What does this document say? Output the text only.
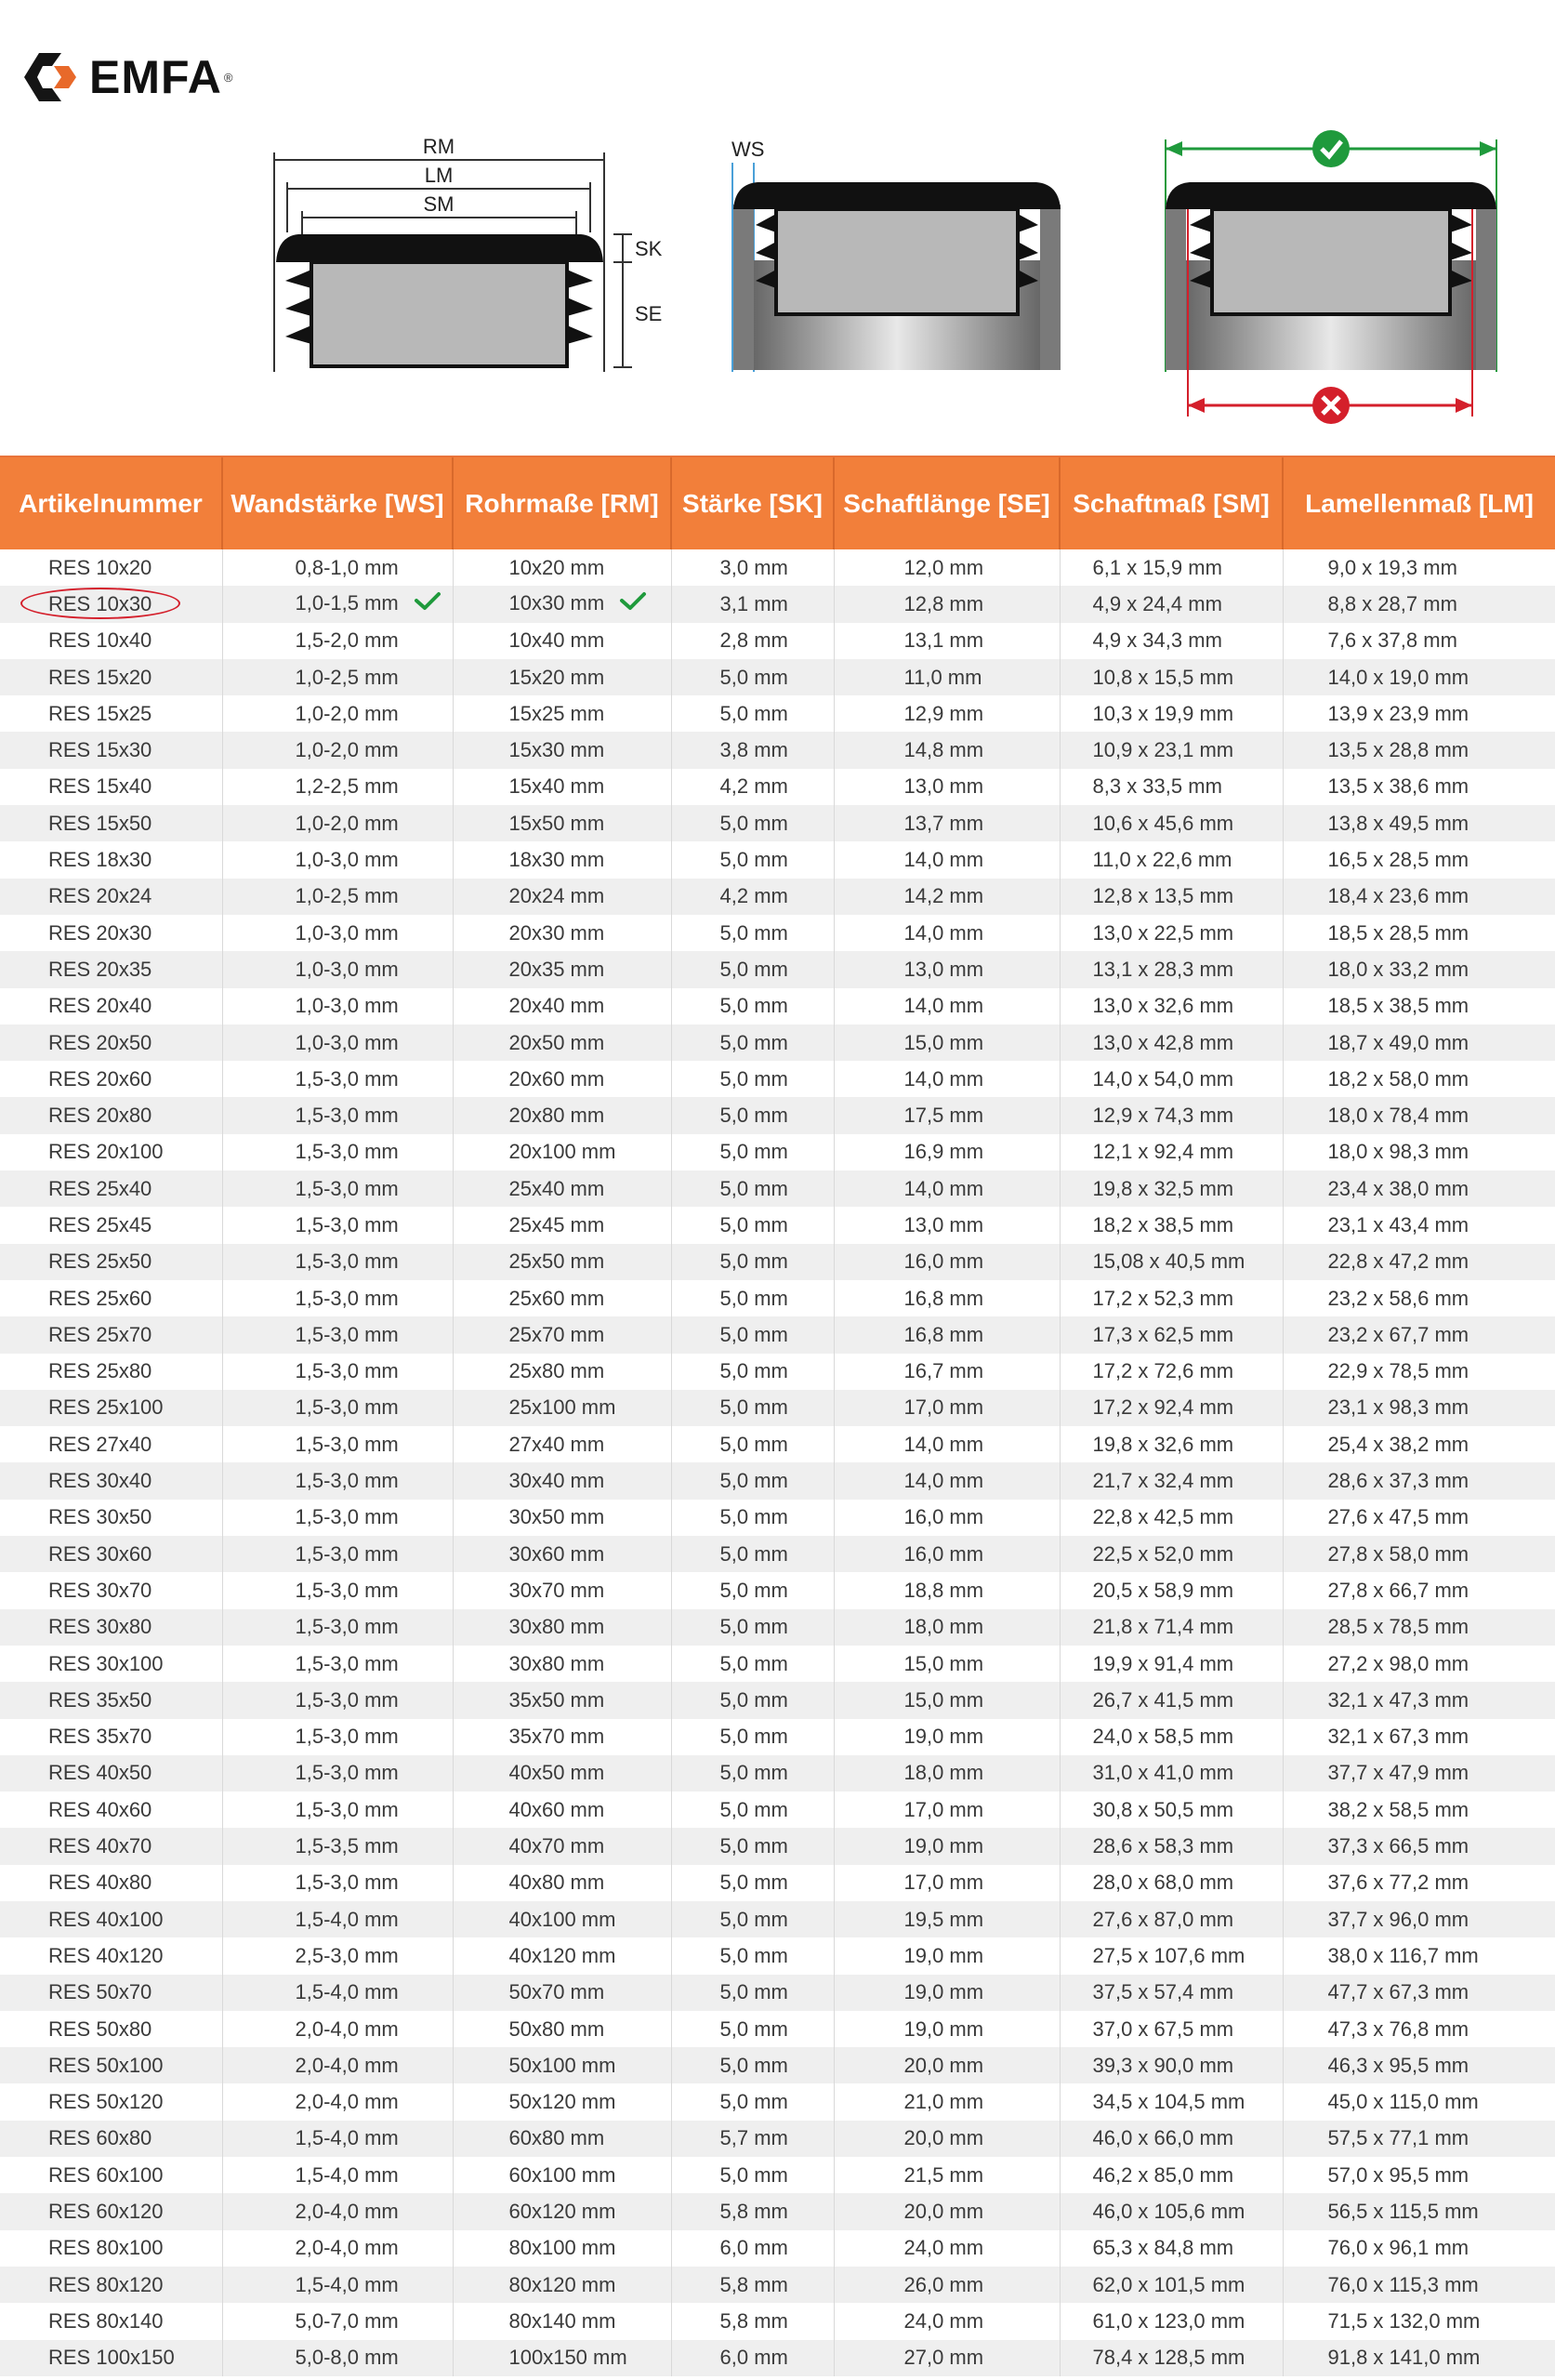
EMFA ®
RM
LM
SM
SK
SE
WS
Artikelnummer	Wandstärke [WS]	Rohrmaße [RM]	Stärke [SK]	Schaftlänge [SE]	Schaftmaß [SM]	Lamellenmaß [LM]
RES 10x20	0,8-1,0 mm	10x20 mm	3,0 mm	12,0 mm	6,1 x 15,9 mm	9,0 x 19,3 mm
RES 10x30	1,0-1,5 mm	10x30 mm	3,1 mm	12,8 mm	4,9 x 24,4 mm	8,8 x 28,7 mm
RES 10x40	1,5-2,0 mm	10x40 mm	2,8 mm	13,1 mm	4,9 x 34,3 mm	7,6 x 37,8 mm
RES 15x20	1,0-2,5 mm	15x20 mm	5,0 mm	11,0 mm	10,8 x 15,5 mm	14,0 x 19,0 mm
RES 15x25	1,0-2,0 mm	15x25 mm	5,0 mm	12,9 mm	10,3 x 19,9 mm	13,9 x 23,9 mm
RES 15x30	1,0-2,0 mm	15x30 mm	3,8 mm	14,8 mm	10,9 x 23,1 mm	13,5 x 28,8 mm
RES 15x40	1,2-2,5 mm	15x40 mm	4,2 mm	13,0 mm	8,3 x 33,5 mm	13,5 x 38,6 mm
RES 15x50	1,0-2,0 mm	15x50 mm	5,0 mm	13,7 mm	10,6 x 45,6 mm	13,8 x 49,5 mm
RES 18x30	1,0-3,0 mm	18x30 mm	5,0 mm	14,0 mm	11,0 x 22,6 mm	16,5 x 28,5 mm
RES 20x24	1,0-2,5 mm	20x24 mm	4,2 mm	14,2 mm	12,8 x 13,5 mm	18,4 x 23,6 mm
RES 20x30	1,0-3,0 mm	20x30 mm	5,0 mm	14,0 mm	13,0 x 22,5 mm	18,5 x 28,5 mm
RES 20x35	1,0-3,0 mm	20x35 mm	5,0 mm	13,0 mm	13,1 x 28,3 mm	18,0 x 33,2 mm
RES 20x40	1,0-3,0 mm	20x40 mm	5,0 mm	14,0 mm	13,0 x 32,6 mm	18,5 x 38,5 mm
RES 20x50	1,0-3,0 mm	20x50 mm	5,0 mm	15,0 mm	13,0 x 42,8 mm	18,7 x 49,0 mm
RES 20x60	1,5-3,0 mm	20x60 mm	5,0 mm	14,0 mm	14,0 x 54,0 mm	18,2 x 58,0 mm
RES 20x80	1,5-3,0 mm	20x80 mm	5,0 mm	17,5 mm	12,9 x 74,3 mm	18,0 x 78,4 mm
RES 20x100	1,5-3,0 mm	20x100 mm	5,0 mm	16,9 mm	12,1 x 92,4 mm	18,0 x 98,3 mm
RES 25x40	1,5-3,0 mm	25x40 mm	5,0 mm	14,0 mm	19,8 x 32,5 mm	23,4 x 38,0 mm
RES 25x45	1,5-3,0 mm	25x45 mm	5,0 mm	13,0 mm	18,2 x 38,5 mm	23,1 x 43,4 mm
RES 25x50	1,5-3,0 mm	25x50 mm	5,0 mm	16,0 mm	15,08 x 40,5 mm	22,8 x 47,2 mm
RES 25x60	1,5-3,0 mm	25x60 mm	5,0 mm	16,8 mm	17,2 x 52,3 mm	23,2 x 58,6 mm
RES 25x70	1,5-3,0 mm	25x70 mm	5,0 mm	16,8 mm	17,3 x 62,5 mm	23,2 x 67,7 mm
RES 25x80	1,5-3,0 mm	25x80 mm	5,0 mm	16,7 mm	17,2 x 72,6 mm	22,9 x 78,5 mm
RES 25x100	1,5-3,0 mm	25x100 mm	5,0 mm	17,0 mm	17,2 x 92,4 mm	23,1 x 98,3 mm
RES 27x40	1,5-3,0 mm	27x40 mm	5,0 mm	14,0 mm	19,8 x 32,6 mm	25,4 x 38,2 mm
RES 30x40	1,5-3,0 mm	30x40 mm	5,0 mm	14,0 mm	21,7 x 32,4 mm	28,6 x 37,3 mm
RES 30x50	1,5-3,0 mm	30x50 mm	5,0 mm	16,0 mm	22,8 x 42,5 mm	27,6 x 47,5 mm
RES 30x60	1,5-3,0 mm	30x60 mm	5,0 mm	16,0 mm	22,5 x 52,0 mm	27,8 x 58,0 mm
RES 30x70	1,5-3,0 mm	30x70 mm	5,0 mm	18,8 mm	20,5 x 58,9 mm	27,8 x 66,7 mm
RES 30x80	1,5-3,0 mm	30x80 mm	5,0 mm	18,0 mm	21,8 x 71,4 mm	28,5 x 78,5 mm
RES 30x100	1,5-3,0 mm	30x80 mm	5,0 mm	15,0 mm	19,9 x 91,4 mm	27,2 x 98,0 mm
RES 35x50	1,5-3,0 mm	35x50 mm	5,0 mm	15,0 mm	26,7 x 41,5 mm	32,1 x 47,3 mm
RES 35x70	1,5-3,0 mm	35x70 mm	5,0 mm	19,0 mm	24,0 x 58,5 mm	32,1 x 67,3 mm
RES 40x50	1,5-3,0 mm	40x50 mm	5,0 mm	18,0 mm	31,0 x 41,0 mm	37,7 x 47,9 mm
RES 40x60	1,5-3,0 mm	40x60 mm	5,0 mm	17,0 mm	30,8 x 50,5 mm	38,2 x 58,5 mm
RES 40x70	1,5-3,5 mm	40x70 mm	5,0 mm	19,0 mm	28,6 x 58,3 mm	37,3 x 66,5 mm
RES 40x80	1,5-3,0 mm	40x80 mm	5,0 mm	17,0 mm	28,0 x 68,0 mm	37,6 x 77,2 mm
RES 40x100	1,5-4,0 mm	40x100 mm	5,0 mm	19,5 mm	27,6 x 87,0 mm	37,7 x 96,0 mm
RES 40x120	2,5-3,0 mm	40x120 mm	5,0 mm	19,0 mm	27,5 x 107,6 mm	38,0 x 116,7 mm
RES 50x70	1,5-4,0 mm	50x70 mm	5,0 mm	19,0 mm	37,5 x 57,4 mm	47,7 x 67,3 mm
RES 50x80	2,0-4,0 mm	50x80 mm	5,0 mm	19,0 mm	37,0 x 67,5 mm	47,3 x 76,8 mm
RES 50x100	2,0-4,0 mm	50x100 mm	5,0 mm	20,0 mm	39,3 x 90,0 mm	46,3 x 95,5 mm
RES 50x120	2,0-4,0 mm	50x120 mm	5,0 mm	21,0 mm	34,5 x 104,5 mm	45,0 x 115,0 mm
RES 60x80	1,5-4,0 mm	60x80 mm	5,7 mm	20,0 mm	46,0 x 66,0 mm	57,5 x 77,1 mm
RES 60x100	1,5-4,0 mm	60x100 mm	5,0 mm	21,5 mm	46,2 x 85,0 mm	57,0 x 95,5 mm
RES 60x120	2,0-4,0 mm	60x120 mm	5,8 mm	20,0 mm	46,0 x 105,6 mm	56,5 x 115,5 mm
RES 80x100	2,0-4,0 mm	80x100 mm	6,0 mm	24,0 mm	65,3 x 84,8 mm	76,0 x 96,1 mm
RES 80x120	1,5-4,0 mm	80x120 mm	5,8 mm	26,0 mm	62,0 x 101,5 mm	76,0 x 115,3 mm
RES 80x140	5,0-7,0 mm	80x140 mm	5,8 mm	24,0 mm	61,0 x 123,0 mm	71,5 x 132,0 mm
RES 100x150	5,0-8,0 mm	100x150 mm	6,0 mm	27,0 mm	78,4 x 128,5 mm	91,8 x 141,0 mm
